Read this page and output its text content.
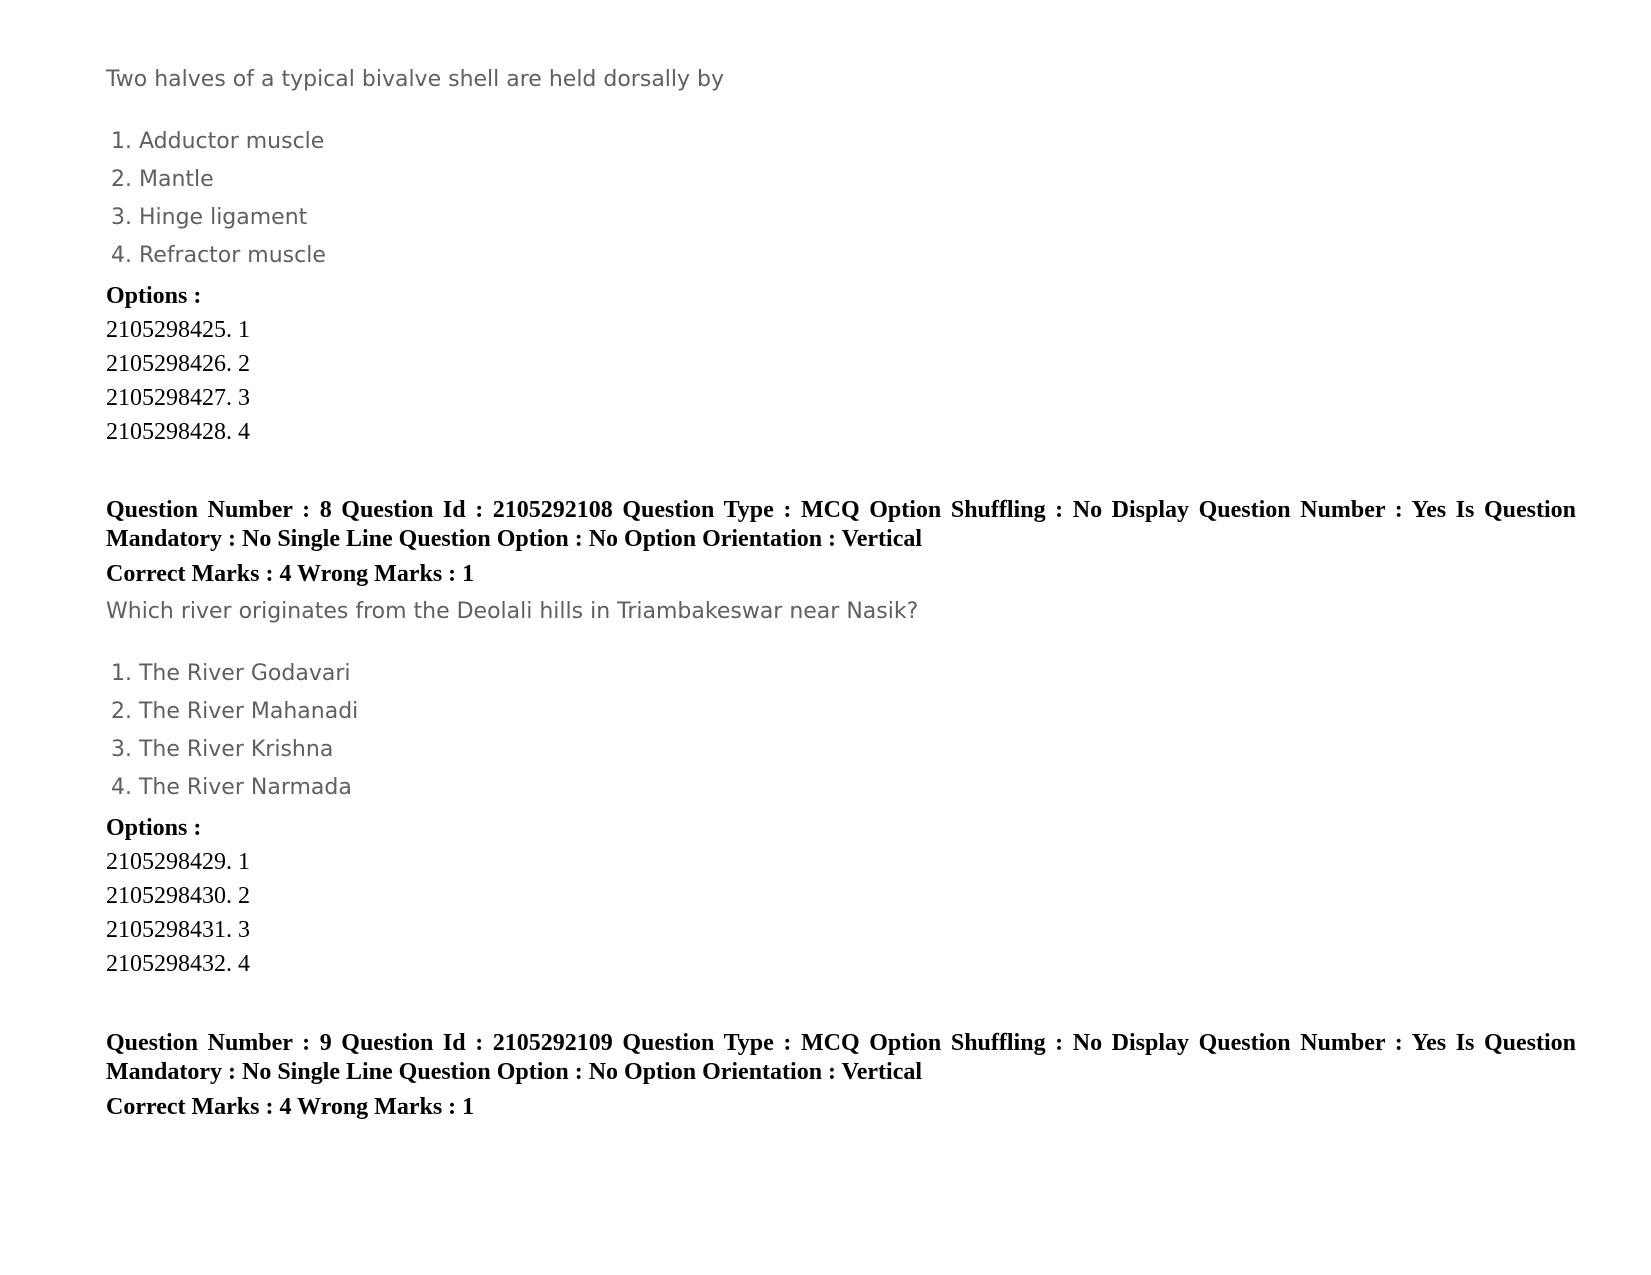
Two halves of a typical bivalve shell are held dorsally by
1. Adductor muscle
2. Mantle
3. Hinge ligament
4. Refractor muscle
Options :
2105298425. 1
2105298426. 2
2105298427. 3
2105298428. 4
Question Number : 8 Question Id : 2105292108 Question Type : MCQ Option Shuffling : No Display Question Number : Yes Is Question Mandatory : No Single Line Question Option : No Option Orientation : Vertical
Correct Marks : 4 Wrong Marks : 1
Which river originates from the Deolali hills in Triambakeswar near Nasik?
1. The River Godavari
2. The River Mahanadi
3. The River Krishna
4. The River Narmada
Options :
2105298429. 1
2105298430. 2
2105298431. 3
2105298432. 4
Question Number : 9 Question Id : 2105292109 Question Type : MCQ Option Shuffling : No Display Question Number : Yes Is Question Mandatory : No Single Line Question Option : No Option Orientation : Vertical
Correct Marks : 4 Wrong Marks : 1
